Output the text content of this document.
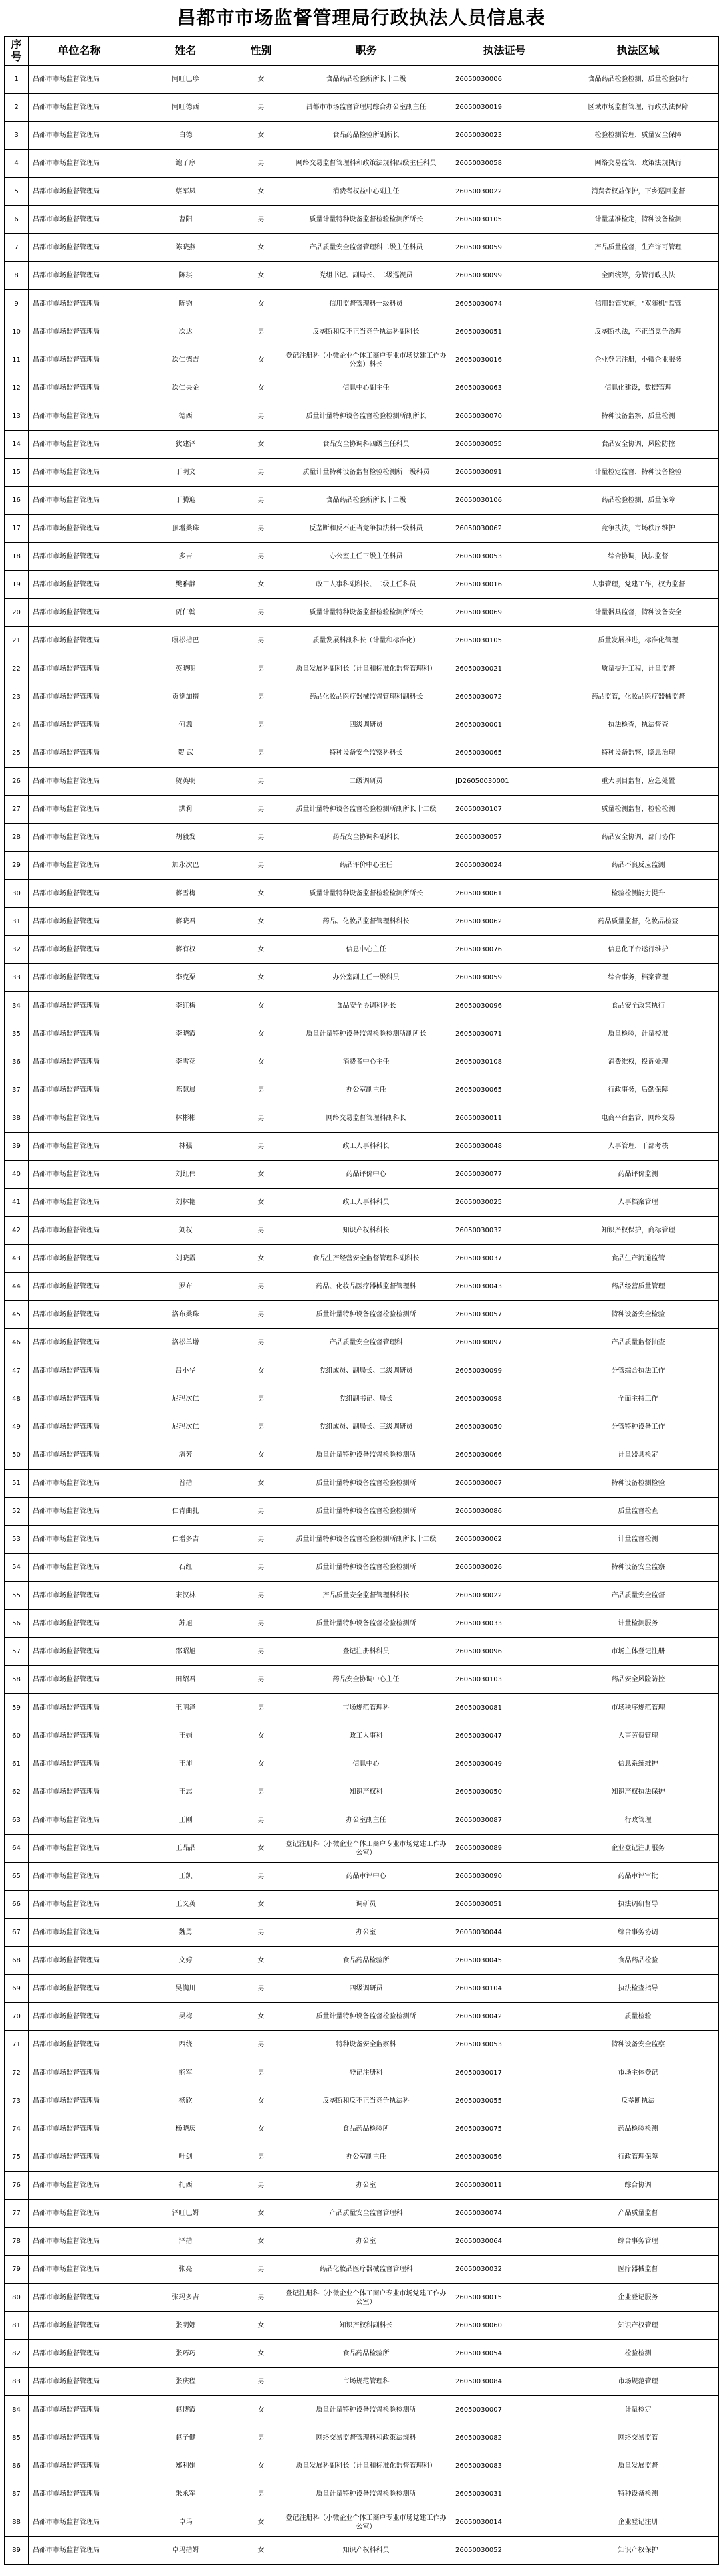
昌都市市场监督管理局行政执法人员信息表
序号	单位名称	姓名	性别	职务	执法证号	执法区域
1	昌都市市场监督管理局	阿旺巴珍	女	食品药品检验所所长十二级	26050030006	食品药品检验检测，质量检验执行
2	昌都市市场监督管理局	阿旺德西	男	昌都市市场监督管理局综合办公室副主任	26050030019	区域市场监督管理，行政执法保障
3	昌都市市场监督管理局	白德	女	食品药品检验所副所长	26050030023	检验检测管理，质量安全保障
4	昌都市市场监督管理局	鲍子序	男	网络交易监督管理科和政策法规科四级主任科员	26050030058	网络交易监管，政策法规执行
5	昌都市市场监督管理局	蔡军凤	女	消费者权益中心副主任	26050030022	消费者权益保护，下乡巡回监督
6	昌都市市场监督管理局	曹阳	男	质量计量特种设备监督检验检测所所长	26050030105	计量基准检定，特种设备检测
7	昌都市市场监督管理局	陈晓燕	女	产品质量安全监督管理科二级主任科员	26050030059	产品质量监督，生产许可管理
8	昌都市市场监督管理局	陈琪	女	党组书记、副局长、二级巡视员	26050030099	全面统筹，分管行政执法
9	昌都市市场监督管理局	陈钧	女	信用监督管理科一级科员	26050030074	信用监管实施，"双随机"监管
10	昌都市市场监督管理局	次达	男	反垄断和反不正当竞争执法科副科长	26050030051	反垄断执法，不正当竞争治理
11	昌都市市场监督管理局	次仁德吉	女	登记注册科（小微企业个体工商户专业市场党建工作办公室）科长	26050030016	企业登记注册，小微企业服务
12	昌都市市场监督管理局	次仁央金	女	信息中心副主任	26050030063	信息化建设，数据管理
13	昌都市市场监督管理局	德西	男	质量计量特种设备监督检验检测所副所长	26050030070	特种设备监察，质量检测
14	昌都市市场监督管理局	狄建泽	女	食品安全协调科四级主任科员	26050030055	食品安全协调，风险防控
15	昌都市市场监督管理局	丁明文	男	质量计量特种设备监督检验检测所一级科员	26050030091	计量检定监督，特种设备检验
16	昌都市市场监督管理局	丁腾迎	男	食品药品检验所所长十二级	26050030106	药品检验检测，质量保障
17	昌都市市场监督管理局	顶增桑珠	男	反垄断和反不正当竞争执法科一级科员	26050030062	竞争执法，市场秩序维护
18	昌都市市场监督管理局	多吉	男	办公室主任三级主任科员	26050030053	综合协调，执法监督
19	昌都市市场监督管理局	樊雅静	女	政工人事科副科长、二级主任科员	26050030016	人事管理，党建工作，权力监督
20	昌都市市场监督管理局	贾仁翰	男	质量计量特种设备监督检验检测所所长	26050030069	计量器具监督，特种设备安全
21	昌都市市场监督管理局	嘎松措巴	男	质量发展科副科长（计量和标准化）	26050030105	质量发展推进，标准化管理
22	昌都市市场监督管理局	英晓明	男	质量发展科副科长（计量和标准化监督管理科）	26050030021	质量提升工程，计量监督
23	昌都市市场监督管理局	贡觉加措	男	药品化妆品医疗器械监督管理科副科长	26050030072	药品监管，化妆品医疗器械监督
24	昌都市市场监督管理局	何源	男	四级调研员	26050030001	执法检查，执法督查
25	昌都市市场监督管理局	贺 武	男	特种设备安全监察科科长	26050030065	特种设备监察，隐患治理
26	昌都市市场监督管理局	贺英明	男	二级调研员	JD26050030001	重大项目监督，应急处置
27	昌都市市场监督管理局	洪莉	男	质量计量特种设备监督检验检测所副所长十二级	26050030107	质量检测监督，检验检测
28	昌都市市场监督管理局	胡毅发	男	药品安全协调科副科长	26050030057	药品安全协调，部门协作
29	昌都市市场监督管理局	加永次巴	男	药品评价中心主任	26050030024	药品不良反应监测
30	昌都市市场监督管理局	蒋雪梅	女	质量计量特种设备监督检验检测所所长	26050030061	检验检测能力提升
31	昌都市市场监督管理局	蒋晓君	女	药品、化妆品监督管理科科长	26050030062	药品质量监督，化妆品检查
32	昌都市市场监督管理局	蒋有权	女	信息中心主任	26050030076	信息化平台运行维护
33	昌都市市场监督管理局	李克粟	女	办公室副主任一级科员	26050030059	综合事务，档案管理
34	昌都市市场监督管理局	李红梅	女	食品安全协调科科长	26050030096	食品安全政策执行
35	昌都市市场监督管理局	李晓霞	女	质量计量特种设备监督检验检测所副所长	26050030071	质量检验，计量校准
36	昌都市市场监督管理局	李雪花	女	消费者中心主任	26050030108	消费维权，投诉处理
37	昌都市市场监督管理局	陈慧晨	男	办公室副主任	26050030065	行政事务，后勤保障
38	昌都市市场监督管理局	林彬彬	男	网络交易监督管理科副科长	26050030011	电商平台监管，网络交易
39	昌都市市场监督管理局	林强	男	政工人事科科长	26050030048	人事管理，干部考核
40	昌都市市场监督管理局	刘红伟	女	药品评价中心	26050030077	药品评价监测
41	昌都市市场监督管理局	刘林艳	女	政工人事科科员	26050030025	人事档案管理
42	昌都市市场监督管理局	刘权	男	知识产权科科长	26050030032	知识产权保护，商标管理
43	昌都市市场监督管理局	刘晓霞	女	食品生产经营安全监督管理科副科长	26050030037	食品生产流通监管
44	昌都市市场监督管理局	罗布	男	药品、化妆品医疗器械监督管理科	26050030043	药品经营质量管理
45	昌都市市场监督管理局	洛布桑珠	男	质量计量特种设备监督检验检测所	26050030057	特种设备安全检验
46	昌都市市场监督管理局	洛松单增	男	产品质量安全监督管理科	26050030097	产品质量监督抽查
47	昌都市市场监督管理局	吕小华	女	党组成员、副局长、二级调研员	26050030099	分管综合执法工作
48	昌都市市场监督管理局	尼玛次仁	男	党组副书记、局长	26050030098	全面主持工作
49	昌都市市场监督管理局	尼玛次仁	男	党组成员、副局长、三级调研员	26050030050	分管特种设备工作
50	昌都市市场监督管理局	潘芳	女	质量计量特种设备监督检验检测所	26050030066	计量器具检定
51	昌都市市场监督管理局	普措	女	质量计量特种设备监督检验检测所	26050030067	特种设备检测检验
52	昌都市市场监督管理局	仁青曲扎	男	质量计量特种设备监督检验检测所	26050030086	质量监督检查
53	昌都市市场监督管理局	仁增多吉	男	质量计量特种设备监督检验检测所副所长十二级	26050030062	计量监督检测
54	昌都市市场监督管理局	石红	男	质量计量特种设备监督检验检测所	26050030026	特种设备安全监察
55	昌都市市场监督管理局	宋汉林	男	产品质量安全监督管理科科长	26050030022	产品质量安全监督
56	昌都市市场监督管理局	苏旭	男	质量计量特种设备监督检验检测所	26050030033	计量检测服务
57	昌都市市场监督管理局	邵昭旭	男	登记注册科科员	26050030096	市场主体登记注册
58	昌都市市场监督管理局	田绍君	男	药品安全协调中心主任	26050030103	药品安全风险防控
59	昌都市市场监督管理局	王明泽	男	市场规范管理科	26050030081	市场秩序规范管理
60	昌都市市场监督管理局	王娟	女	政工人事科	26050030047	人事劳资管理
61	昌都市市场监督管理局	王沛	女	信息中心	26050030049	信息系统维护
62	昌都市市场监督管理局	王志	男	知识产权科	26050030050	知识产权执法保护
63	昌都市市场监督管理局	王刚	男	办公室副主任	26050030087	行政管理
64	昌都市市场监督管理局	王晶晶	女	登记注册科（小微企业个体工商户专业市场党建工作办公室）	26050030089	企业登记注册服务
65	昌都市市场监督管理局	王凯	男	药品审评中心	26050030090	药品审评审批
66	昌都市市场监督管理局	王义英	女	调研员	26050030051	执法调研督导
67	昌都市市场监督管理局	魏勇	男	办公室	26050030044	综合事务协调
68	昌都市市场监督管理局	文婷	女	食品药品检验所	26050030045	食品药品检验
69	昌都市市场监督管理局	吴满川	男	四级调研员	26050030104	执法检查指导
70	昌都市市场监督管理局	吴梅	女	质量计量特种设备监督检验检测所	26050030042	质量检验
71	昌都市市场监督管理局	西绕	男	特种设备安全监察科	26050030053	特种设备安全监察
72	昌都市市场监督管理局	熊军	男	登记注册科	26050030017	市场主体登记
73	昌都市市场监督管理局	杨欣	女	反垄断和反不正当竞争执法科	26050030055	反垄断执法
74	昌都市市场监督管理局	杨晓庆	女	食品药品检验所	26050030075	药品检验检测
75	昌都市市场监督管理局	叶剑	男	办公室副主任	26050030056	行政管理保障
76	昌都市市场监督管理局	扎西	男	办公室	26050030011	综合协调
77	昌都市市场监督管理局	泽旺巴姆	女	产品质量安全监督管理科	26050030074	产品质量监督
78	昌都市市场监督管理局	泽措	女	办公室	26050030064	综合事务管理
79	昌都市市场监督管理局	张亮	男	药品化妆品医疗器械监督管理科	26050030032	医疗器械监督
80	昌都市市场监督管理局	张玛多吉	男	登记注册科（小微企业个体工商户专业市场党建工作办公室）	26050030015	企业登记服务
81	昌都市市场监督管理局	张明娜	女	知识产权科副科长	26050030060	知识产权管理
82	昌都市市场监督管理局	张巧巧	女	食品药品检验所	26050030054	检验检测
83	昌都市市场监督管理局	张庆程	男	市场规范管理科	26050030084	市场规范管理
84	昌都市市场监督管理局	赵博霞	女	质量计量特种设备监督检验检测所	26050030007	计量检定
85	昌都市市场监督管理局	赵子健	男	网络交易监督管理科和政策法规科	26050030082	网络交易监管
86	昌都市市场监督管理局	郑利娟	女	质量发展科副科长（计量和标准化监督管理科）	26050030083	质量发展监督
87	昌都市市场监督管理局	朱永军	男	质量计量特种设备监督检验检测所	26050030031	特种设备检测
88	昌都市市场监督管理局	卓玛	女	登记注册科（小微企业个体工商户专业市场党建工作办公室）	26050030014	企业登记注册
89	昌都市市场监督管理局	卓玛措姆	女	知识产权科科员	26050030052	知识产权保护
